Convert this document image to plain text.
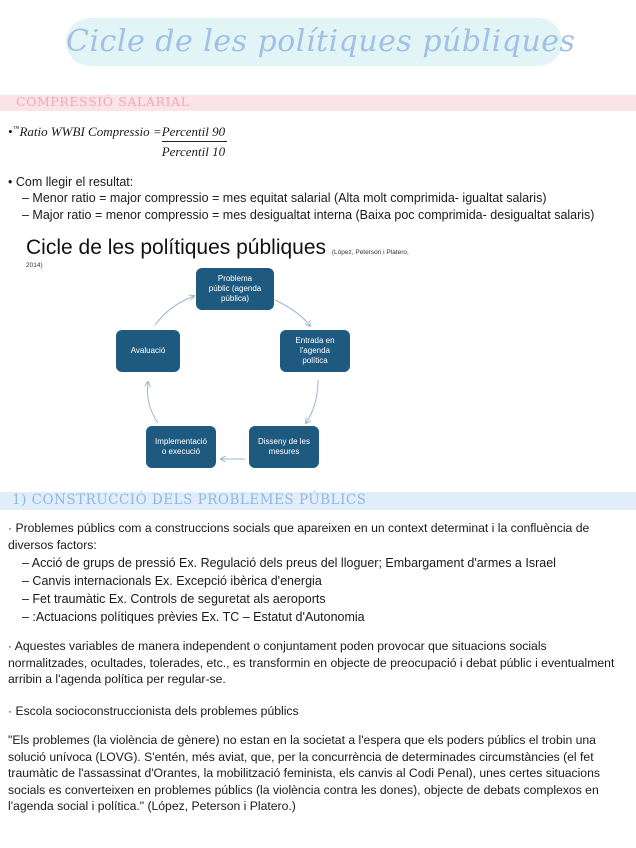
Cicle de les polítiques públiques
COMPRESSIÓ SALARIAL
•™Ratio WWBI Compressio = $\frac{\text{Percentil 90}}{\text{Percentil 10}}$
• Com llegir el resultat:
– Menor ratio = major compressio = mes equitat salarial (Alta molt comprimida- igualtat salaris)
– Major ratio = menor compressio = mes desigualtat interna (Baixa poc comprimida- desigualtat salaris)
Cicle de les polítiques públiques (López, Peterson i Platero,
2014)
Problema
públic (agenda
pública)
Entrada en
l'agenda
política
Disseny de les
mesures
Implementació
o execució
Avaluació
1) CONSTRUCCIÓ DELS PROBLEMES PÚBLICS
· Problemes públics com a construccions socials que apareixen en un context determinat i la confluència de diversos factors:
– Acció de grups de pressió Ex. Regulació dels preus del lloguer; Embargament d'armes a Israel
– Canvis internacionals Ex. Excepció ibèrica d'energia
– Fet traumàtic Ex. Controls de seguretat als aeroports
– :Actuacions polítiques prèvies Ex. TC – Estatut d'Autonomia
· Aquestes variables de manera independent o conjuntament poden provocar que situacions socials normalitzades, ocultades, tolerades, etc., es transformin en objecte de preocupació i debat públic i eventualment arribin a l'agenda política per regular-se.
· Escola socioconstruccionista dels problemes públics
"Els problemes (la violència de gènere) no estan en la societat a l'espera que els poders públics el trobin una solució unívoca (LOVG). S'entén, més aviat, que, per la concurrència de determinades circumstàncies (el fet traumàtic de l'assassinat d'Orantes, la mobilització feminista, els canvis al Codi Penal), unes certes situacions socials es converteixen en problemes públics (la violència contra les dones), objecte de debats complexos en l'agenda social i política." (López, Peterson i Platero.)
